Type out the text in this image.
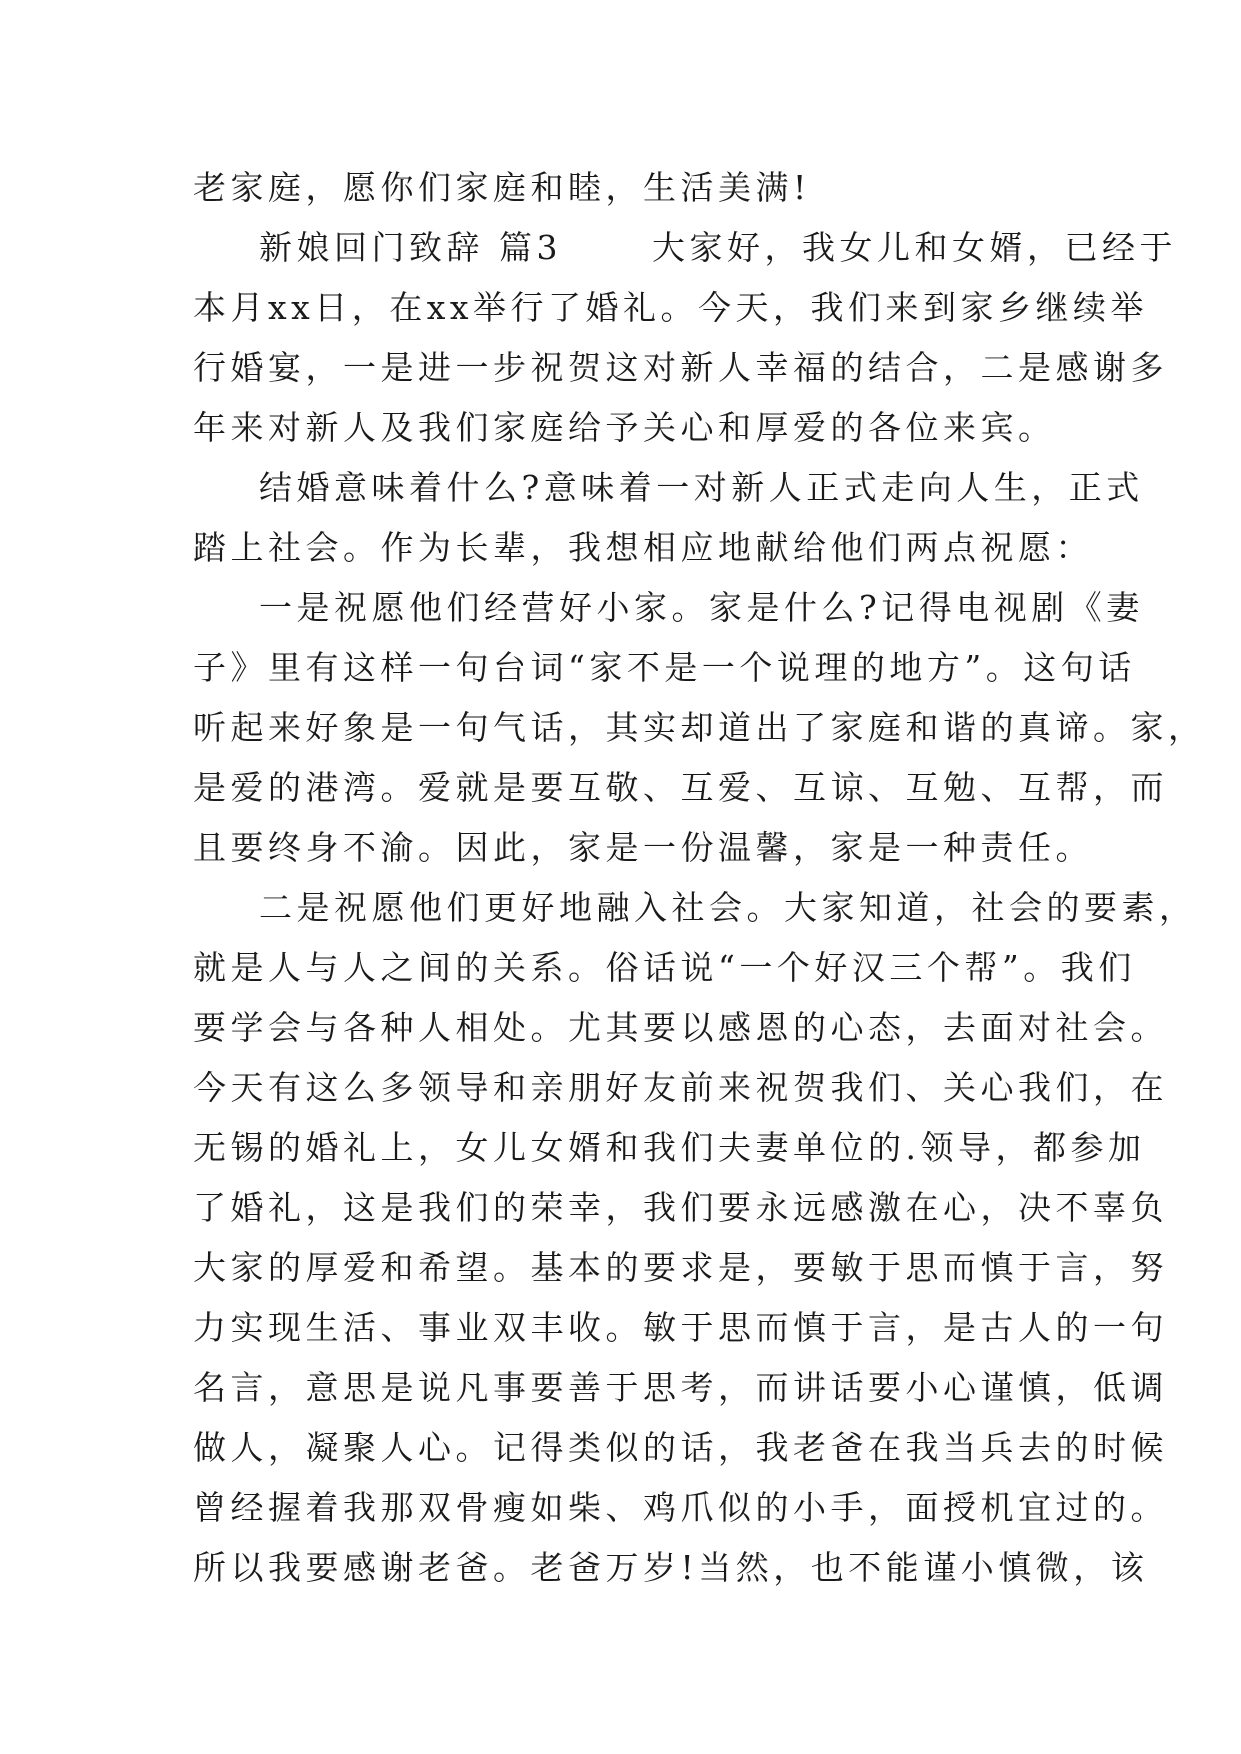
老家庭，愿你们家庭和睦，生活美满!
新娘回门致辞 篇3 　　大家好，我女儿和女婿，已经于
本月xx日，在xx举行了婚礼。今天，我们来到家乡继续举
行婚宴，一是进一步祝贺这对新人幸福的结合，二是感谢多
年来对新人及我们家庭给予关心和厚爱的各位来宾。
结婚意味着什么?意味着一对新人正式走向人生，正式
踏上社会。作为长辈，我想相应地献给他们两点祝愿：
一是祝愿他们经营好小家。家是什么?记得电视剧《妻
子》里有这样一句台词“家不是一个说理的地方”。这句话
听起来好象是一句气话，其实却道出了家庭和谐的真谛。家，
是爱的港湾。爱就是要互敬、互爱、互谅、互勉、互帮，而
且要终身不渝。因此，家是一份温馨，家是一种责任。
二是祝愿他们更好地融入社会。大家知道，社会的要素，
就是人与人之间的关系。俗话说“一个好汉三个帮”。我们
要学会与各种人相处。尤其要以感恩的心态，去面对社会。
今天有这么多领导和亲朋好友前来祝贺我们、关心我们，在
无锡的婚礼上，女儿女婿和我们夫妻单位的.领导，都参加
了婚礼，这是我们的荣幸，我们要永远感激在心，决不辜负
大家的厚爱和希望。基本的要求是，要敏于思而慎于言，努
力实现生活、事业双丰收。敏于思而慎于言，是古人的一句
名言，意思是说凡事要善于思考，而讲话要小心谨慎，低调
做人，凝聚人心。记得类似的话，我老爸在我当兵去的时候
曾经握着我那双骨瘦如柴、鸡爪似的小手，面授机宜过的。
所以我要感谢老爸。老爸万岁!当然，也不能谨小慎微，该
